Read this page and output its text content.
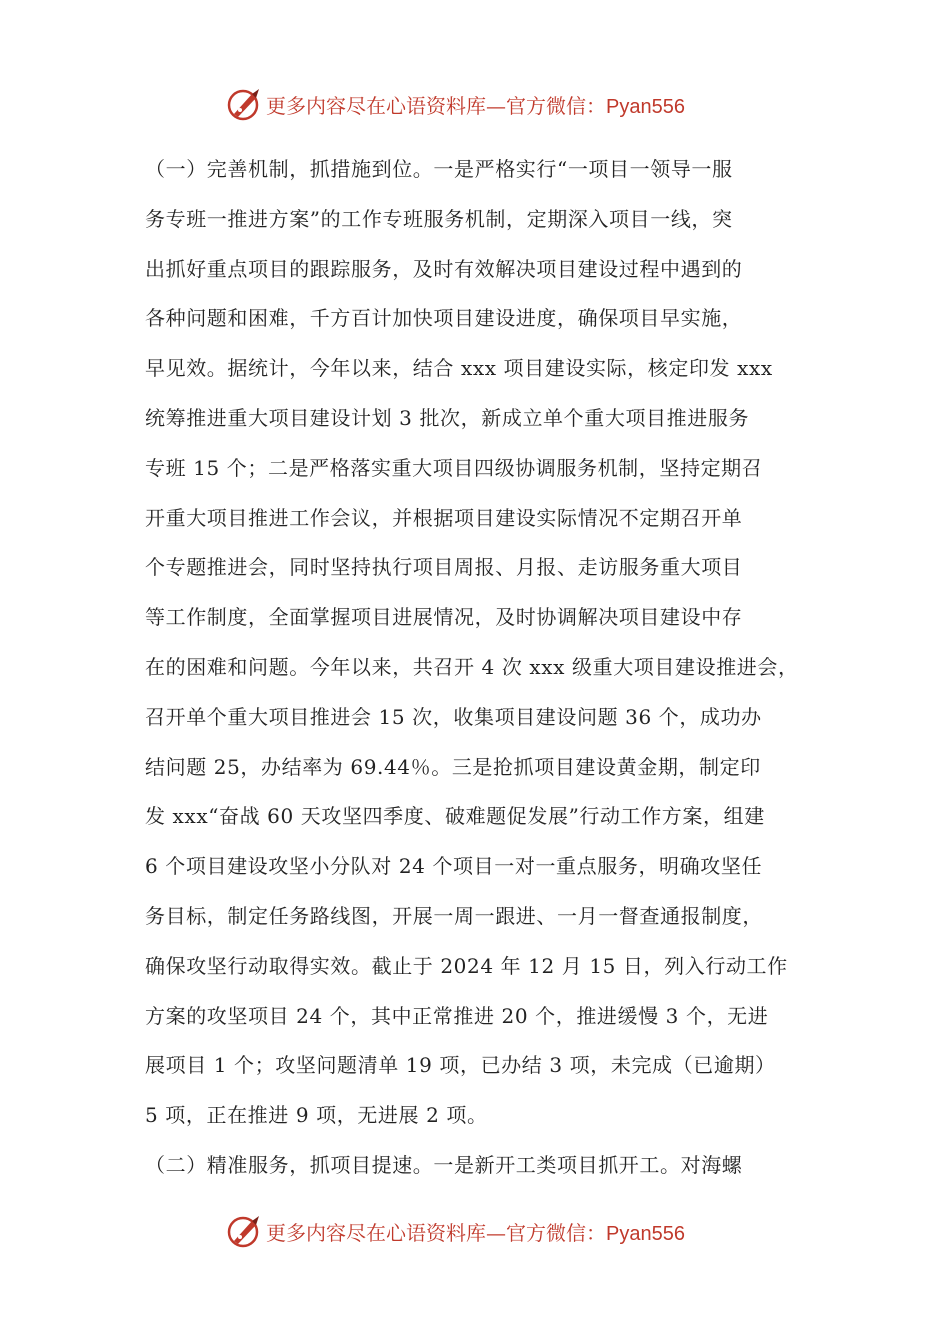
更多内容尽在心语资料库—官方微信：Pyan556
（一）完善机制，抓措施到位。一是严格实行“一项目一领导一服
务专班一推进方案”的工作专班服务机制，定期深入项目一线，突
出抓好重点项目的跟踪服务，及时有效解决项目建设过程中遇到的
各种问题和困难，千方百计加快项目建设进度，确保项目早实施，
早见效。据统计，今年以来，结合 xxx 项目建设实际，核定印发 xxx
统筹推进重大项目建设计划 3 批次，新成立单个重大项目推进服务
专班 15 个；二是严格落实重大项目四级协调服务机制，坚持定期召
开重大项目推进工作会议，并根据项目建设实际情况不定期召开单
个专题推进会，同时坚持执行项目周报、月报、走访服务重大项目
等工作制度，全面掌握项目进展情况，及时协调解决项目建设中存
在的困难和问题。今年以来，共召开 4 次 xxx 级重大项目建设推进会，
召开单个重大项目推进会 15 次，收集项目建设问题 36 个，成功办
结问题 25，办结率为 69.44％。三是抢抓项目建设黄金期，制定印
发 xxx“奋战 60 天攻坚四季度、破难题促发展”行动工作方案，组建
6 个项目建设攻坚小分队对 24 个项目一对一重点服务，明确攻坚任
务目标，制定任务路线图，开展一周一跟进、一月一督查通报制度，
确保攻坚行动取得实效。截止于 2024 年 12 月 15 日，列入行动工作
方案的攻坚项目 24 个，其中正常推进 20 个，推进缓慢 3 个，无进
展项目 1 个；攻坚问题清单 19 项，已办结 3 项，未完成（已逾期）
5 项，正在推进 9 项，无进展 2 项。
（二）精准服务，抓项目提速。一是新开工类项目抓开工。对海螺
更多内容尽在心语资料库—官方微信：Pyan556
